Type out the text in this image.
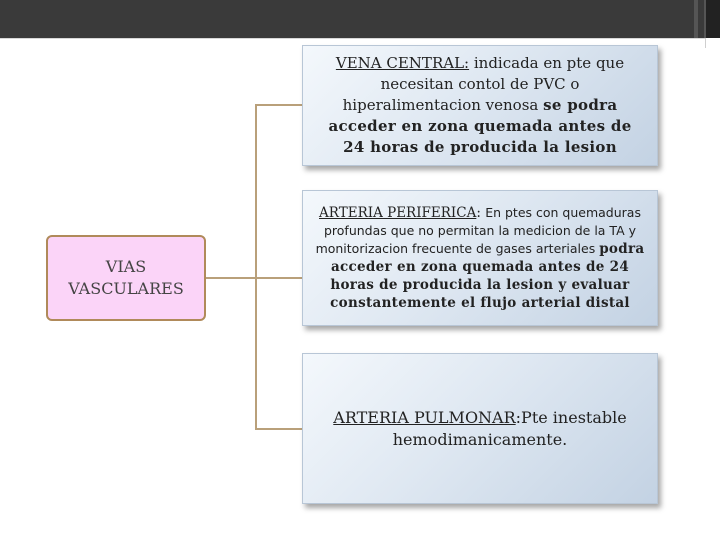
VIAS
VASCULARES
VENA CENTRAL: indicada en pte que necesitan contol de PVC o hiperalimentacion venosa se podra acceder en zona quemada antes de 24 horas de producida la lesion
ARTERIA PERIFERICA: En ptes con quemaduras profundas que no permitan la medicion de la TA y monitorizacion frecuente de gases arteriales podra acceder en zona quemada antes de 24 horas de producida la lesion y evaluar constantemente el flujo arterial distal
ARTERIA PULMONAR:Pte inestable hemodimanicamente.
